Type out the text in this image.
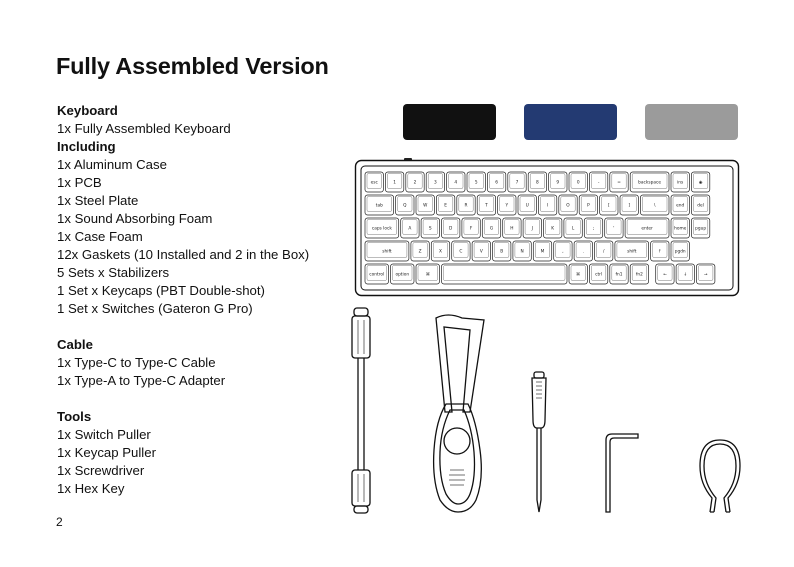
Fully Assembled Version
Keyboard
1x Fully Assembled Keyboard
Including
1x Aluminum Case
1x PCB
1x Steel Plate
1x Sound Absorbing Foam
1x Case Foam
12x Gaskets (10 Installed and 2 in the Box)
5 Sets x Stabilizers
1 Set x Keycaps (PBT Double-shot)
1 Set x Switches (Gateron G Pro)
Cable
1x Type-C to Type-C Cable
1x Type-A to Type-C Adapter
Tools
1x Switch Puller
1x Keycap Puller
1x Screwdriver
1x Hex Key
2
esc	1	2	3	4	5	6	7	8	9	0	-	=	backspace	ins	◉
tab	Q	W	E	R	T	Y	U	I	O	P	[	]	\	end	del
caps lock	A	S	D	F	G	H	J	K	L	;	'	enter	home pgup
shift	Z	X	C	V	B	N	M	,	.	/	shift	↑	pgdn
control	option	⌘	⌘	ctrl	fn1	fn2	←	↓	→
